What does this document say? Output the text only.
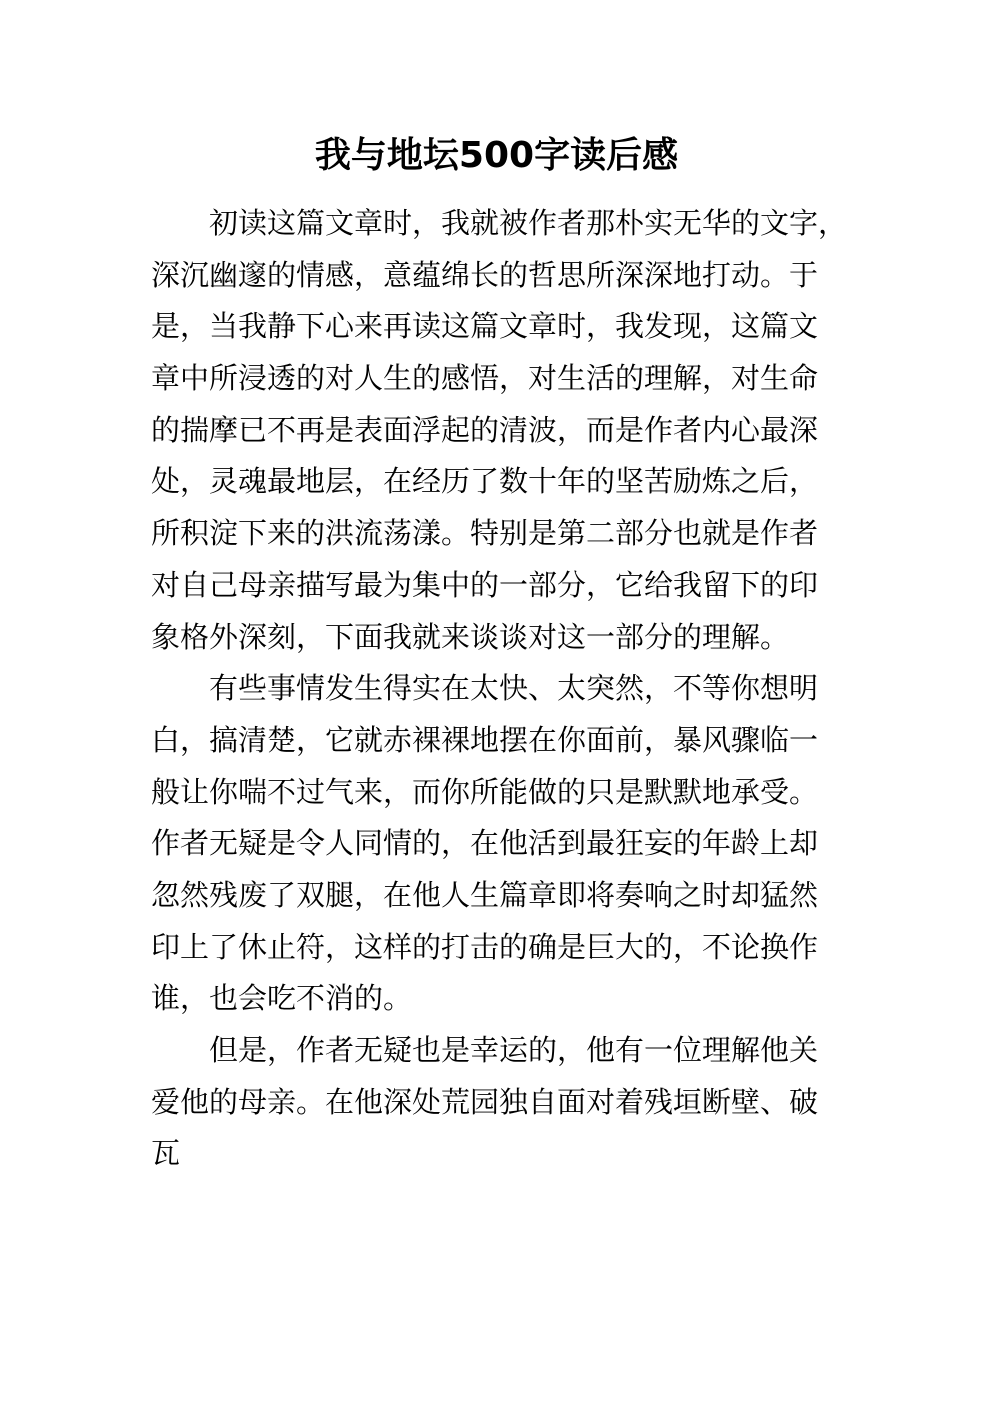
我与地坛500字读后感
　　初读这篇文章时，我就被作者那朴实无华的文字，
深沉幽邃的情感，意蕴绵长的哲思所深深地打动。于
是，当我静下心来再读这篇文章时，我发现，这篇文
章中所浸透的对人生的感悟，对生活的理解，对生命
的揣摩已不再是表面浮起的清波，而是作者内心最深
处，灵魂最地层，在经历了数十年的坚苦励炼之后，
所积淀下来的洪流荡漾。特别是第二部分也就是作者
对自己母亲描写最为集中的一部分，它给我留下的印
象格外深刻，下面我就来谈谈对这一部分的理解。
　　有些事情发生得实在太快、太突然，不等你想明
白，搞清楚，它就赤裸裸地摆在你面前，暴风骤临一
般让你喘不过气来，而你所能做的只是默默地承受。
作者无疑是令人同情的，在他活到最狂妄的年龄上却
忽然残废了双腿，在他人生篇章即将奏响之时却猛然
印上了休止符，这样的打击的确是巨大的，不论换作
谁，也会吃不消的。
　　但是，作者无疑也是幸运的，他有一位理解他关
爱他的母亲。在他深处荒园独自面对着残垣断壁、破
瓦
